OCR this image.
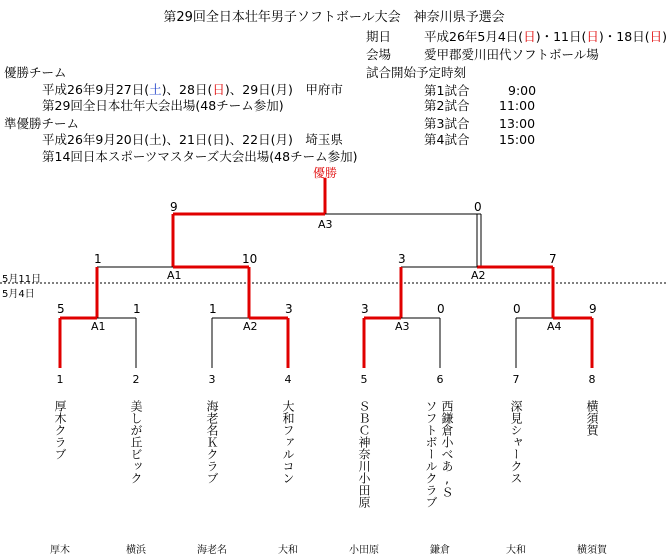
第29回全日本壮年男子ソフトボール大会　神奈川県予選会
期日	平成26年5月4日(日)・11日(日)・18日(日)
会場	愛甲郡愛川田代ソフトボール場
試合開始予定時刻
第1試合	9:00
第2試合 11:00
第3試合 13:00
第4試合 15:00
優勝チーム
平成26年9月27日(土)、28日(日)、29日(月)　甲府市
第29回全日本壮年大会出場(48チーム参加)
準優勝チーム
平成26年9月20日(土)、21日(日)、22日(月)　埼玉県
第14回日本スポーツマスターズ大会出場(48チーム参加)
優勝
5月11日
5月4日
9	0
A3
1	10
A1
3	7
A2
5	1
A1
1	3
A2
3	0
A3
0	9
A4
1	2	3	4	5	6	7	8
厚木クラブ	美しが丘ビック	海老名Ｋクラブ	大和ファルコン	ＳＢＣ神奈川小田原	西鎌倉小べあ,Ｓ
ソフトボールクラブ	深見シャークス	横須賀
厚木	横浜	海老名	大和	小田原	鎌倉	大和	横須賀
